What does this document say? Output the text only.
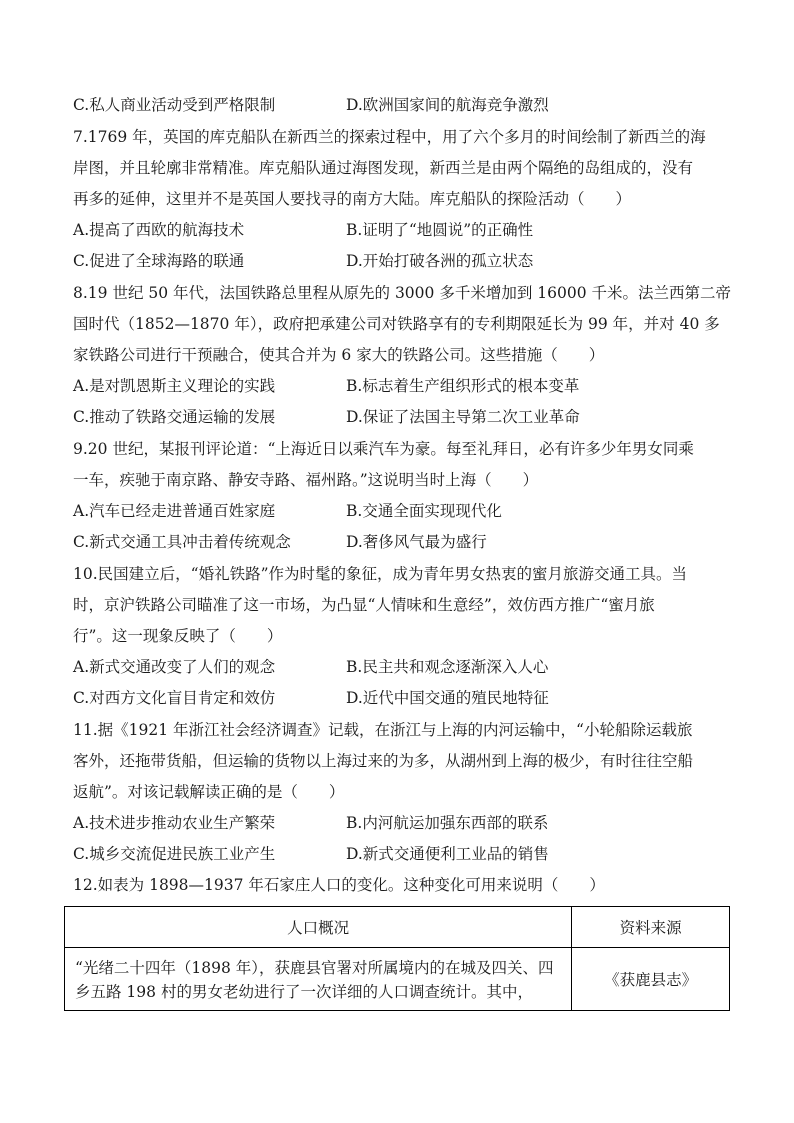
C.私人商业活动受到严格限制	D.欧洲国家间的航海竞争激烈
7.1769 年，英国的库克船队在新西兰的探索过程中，用了六个多月的时间绘制了新西兰的海
岸图，并且轮廓非常精准。库克船队通过海图发现，新西兰是由两个隔绝的岛组成的，没有
再多的延伸，这里并不是英国人要找寻的南方大陆。库克船队的探险活动（　　）
A.提高了西欧的航海技术	B.证明了“地圆说”的正确性
C.促进了全球海路的联通	D.开始打破各洲的孤立状态
8.19 世纪 50 年代，法国铁路总里程从原先的 3000 多千米增加到 16000 千米。法兰西第二帝
国时代（1852—1870 年），政府把承建公司对铁路享有的专利期限延长为 99 年，并对 40 多
家铁路公司进行干预融合，使其合并为 6 家大的铁路公司。这些措施（　　）
A.是对凯恩斯主义理论的实践	B.标志着生产组织形式的根本变革
C.推动了铁路交通运输的发展	D.保证了法国主导第二次工业革命
9.20 世纪，某报刊评论道：“上海近日以乘汽车为豪。每至礼拜日，必有许多少年男女同乘
一车，疾驰于南京路、静安寺路、福州路。”这说明当时上海（　　）
A.汽车已经走进普通百姓家庭	B.交通全面实现现代化
C.新式交通工具冲击着传统观念	D.奢侈风气最为盛行
10.民国建立后，“婚礼铁路”作为时髦的象征，成为青年男女热衷的蜜月旅游交通工具。当
时，京沪铁路公司瞄准了这一市场，为凸显“人情味和生意经”，效仿西方推广“蜜月旅
行”。这一现象反映了（　　）
A.新式交通改变了人们的观念	B.民主共和观念逐渐深入人心
C.对西方文化盲目肯定和效仿	D.近代中国交通的殖民地特征
11.据《1921 年浙江社会经济调查》记载，在浙江与上海的内河运输中，“小轮船除运载旅
客外，还拖带货船，但运输的货物以上海过来的为多，从湖州到上海的极少，有时往往空船
返航”。对该记载解读正确的是（　　）
A.技术进步推动农业生产繁荣	B.内河航运加强东西部的联系
C.城乡交流促进民族工业产生	D.新式交通便利工业品的销售
12.如表为 1898—1937 年石家庄人口的变化。这种变化可用来说明（　　）
人口概况	资料来源
“光绪二十四年（1898 年），获鹿县官署对所属境内的在城及四关、四乡五路 198 村的男女老幼进行了一次详细的人口调查统计。其中，	《获鹿县志》
